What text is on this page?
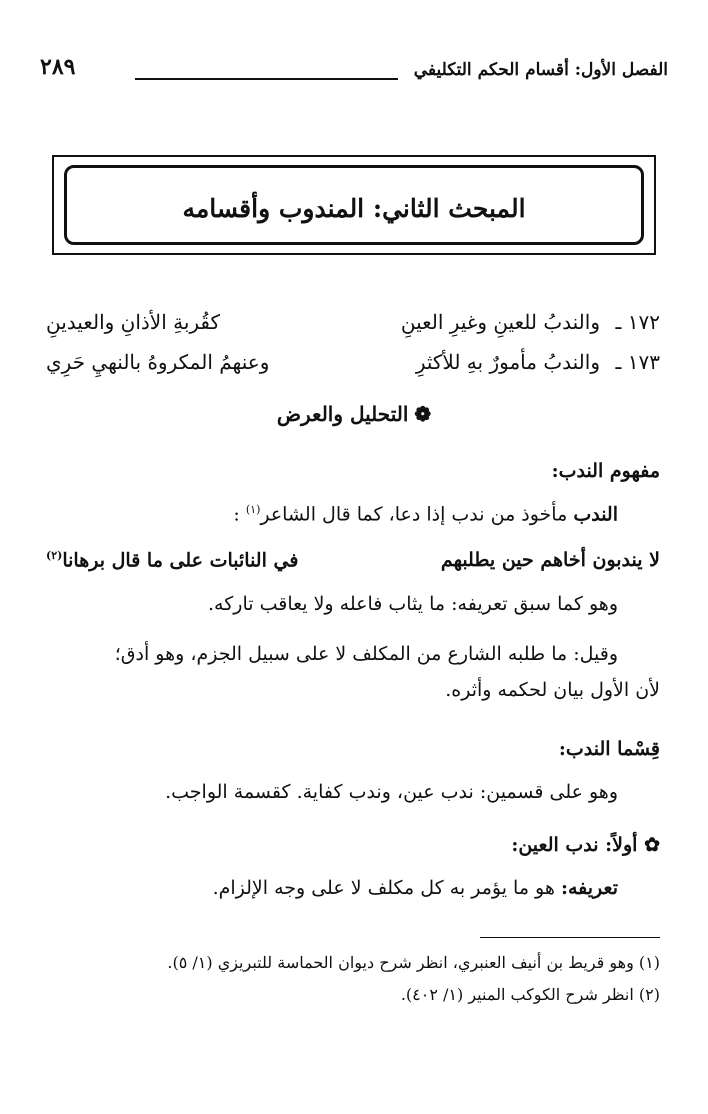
الفصل الأول: أقسام الحكم التكليفي
٢٨٩
المبحث الثاني: المندوب وأقسامه
١٧٢ ـ
والندبُ للعينِ وغيرِ العينِ
كقُربةِ الأذانِ والعيدينِ
١٧٣ ـ
والندبُ مأمورٌ بهِ للأكثرِ
وعنهمُ المكروهُ بالنهيِ حَرِي
❁التحليل والعرض
مفهوم الندب:
الندب مأخوذ من ندب إذا دعا، كما قال الشاعر$^{(١)}$ :
لا يندبون أخاهم حين يطلبهم
في النائبات على ما قال برهانا$^{(٢)}$
وهو كما سبق تعريفه: ما يثاب فاعله ولا يعاقب تاركه.
وقيل: ما طلبه الشارع من المكلف لا على سبيل الجزم، وهو أدق؛
لأن الأول بيان لحكمه وأثره.
قِسْما الندب:
وهو على قسمين: ندب عين، وندب كفاية. كقسمة الواجب.
✿ أولاً: ندب العين:
تعريفه: هو ما يؤمر به كل مكلف لا على وجه الإلزام.
(١) وهو قريط بن أنيف العنبري، انظر شرح ديوان الحماسة للتبريزي (١/ ٥).
(٢) انظر شرح الكوكب المنير (١/ ٤٠٢).
